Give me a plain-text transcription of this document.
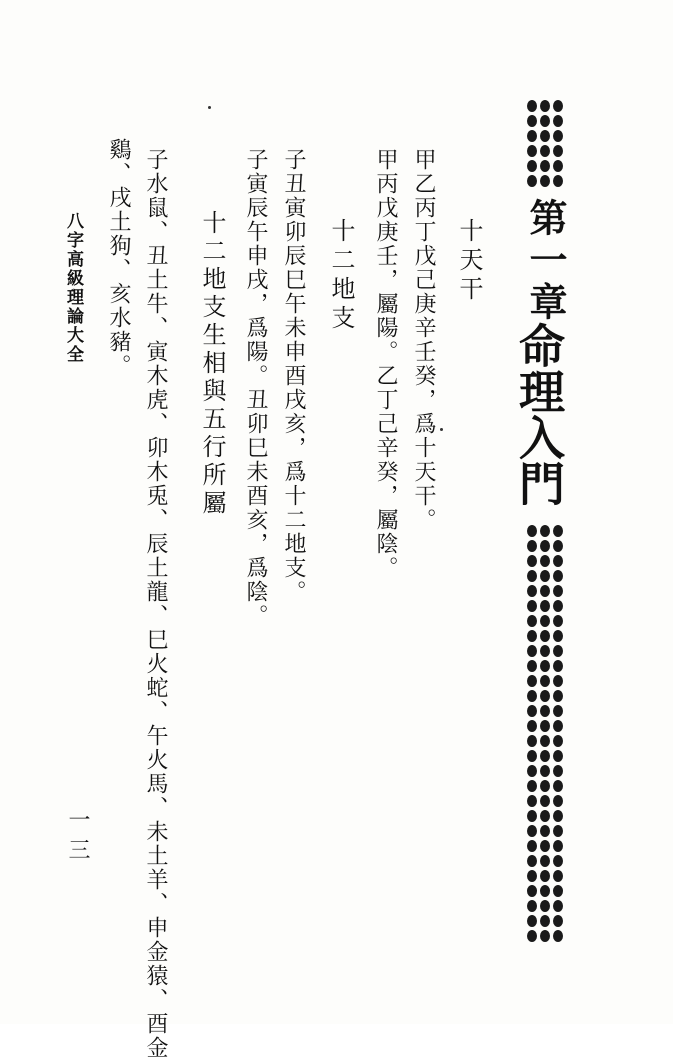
第一章
命理入門
十天干
甲乙丙丁戊己庚辛壬癸，爲十天干。
甲丙戊庚壬，屬陽。乙丁己辛癸，屬陰。
十二地支
子丑寅卯辰巳午未申酉戌亥，爲十二地支。
子寅辰午申戌，爲陽。丑卯巳未酉亥，爲陰。
十二地支生相與五行所屬
子水鼠、丑土牛、寅木虎、卯木兎、辰土龍、巳火蛇、午火馬、未土羊、申金猿、酉金
鷄、戌土狗、亥水豬。
八字高級理論大全
一三
